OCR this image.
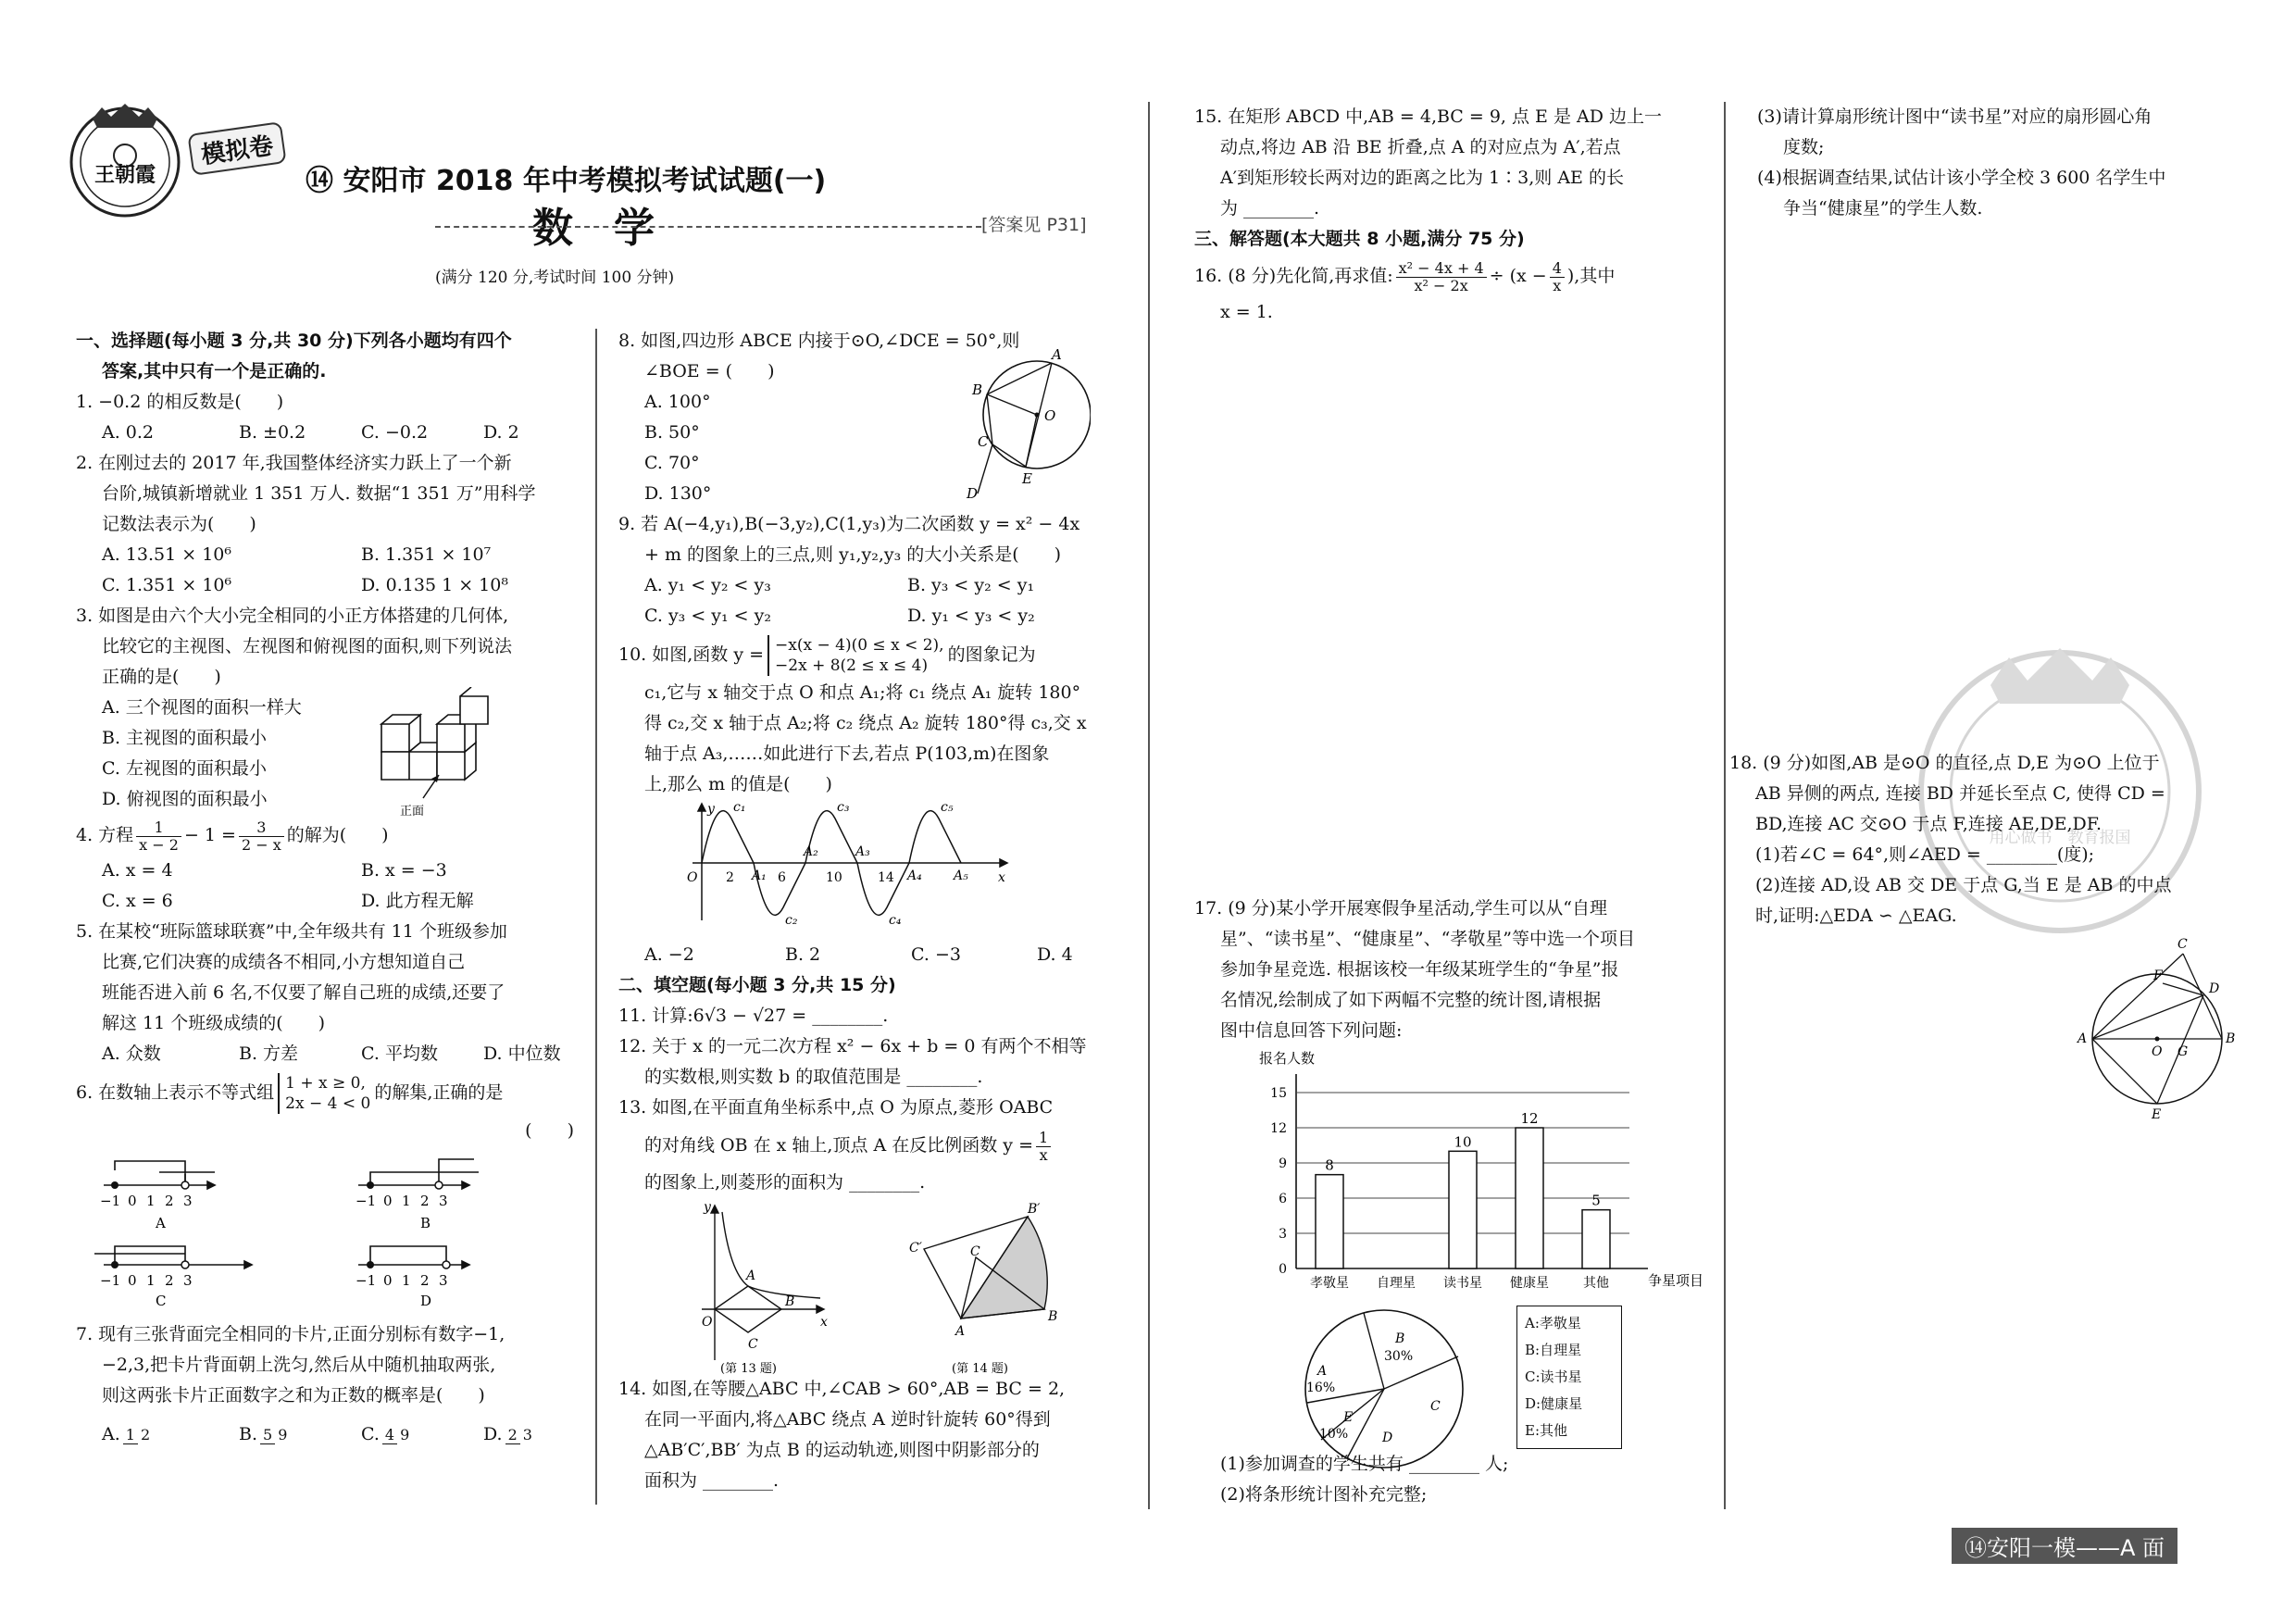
王朝霞
模拟卷
⑭ 安阳市 2018 年中考模拟考试试题(一)
数　学	[答案见 P31]
(满分 120 分,考试时间 100 分钟)
一、选择题(每小题 3 分,共 30 分)下列各小题均有四个
答案,其中只有一个是正确的.
1. −0.2 的相反数是(　　)
A. 0.2	B. ±0.2	C. −0.2	D. 2
2. 在刚过去的 2017 年,我国整体经济实力跃上了一个新
台阶,城镇新增就业 1 351 万人. 数据“1 351 万”用科学
记数法表示为(　　)
A. 13.51 × 10⁶	B. 1.351 × 10⁷
C. 1.351 × 10⁶	D. 0.135 1 × 10⁸
3. 如图是由六个大小完全相同的小正方体搭建的几何体,
比较它的主视图、左视图和俯视图的面积,则下列说法
正确的是(　　)
A. 三个视图的面积一样大
B. 主视图的面积最小
C. 左视图的面积最小
D. 俯视图的面积最小
正面
4. 方程 $\frac{1}{x - 2} - 1 = \frac{3}{2 - x}$ 的解为(　　)
A. x = 4	B. x = −3
C. x = 6	D. 此方程无解
5. 在某校“班际篮球联赛”中,全年级共有 11 个班级参加
比赛,它们决赛的成绩各不相同,小方想知道自己
班能否进入前 6 名,不仅要了解自己班的成绩,还要了
解这 11 个班级成绩的(　　)
A. 众数	B. 方差	C. 平均数	D. 中位数
6. 在数轴上表示不等式组 1 + x ≥ 0,
2x − 4 < 0
的解集,正确的是
(　　)
−1 0 1 2 3
A
−1 0 1 2 3
B
−1 0 1 2 3
C
−1 0 1 2 3
D
7. 现有三张背面完全相同的卡片,正面分别标有数字−1,
−2,3,把卡片背面朝上洗匀,然后从中随机抽取两张,
则这两张卡片正面数字之和为正数的概率是(　　)
A. 1 2	B. 5 9	C. 4 9	D. 2 3
8. 如图,四边形 ABCE 内接于⊙O,∠DCE = 50°,则
∠BOE = (　　)
A. 100°
B. 50°
C. 70°
D. 130°
A
B
C
D
E
O
9. 若 A(−4,y₁),B(−3,y₂),C(1,y₃)为二次函数 y = x² − 4x
+ m 的图象上的三点,则 y₁,y₂,y₃ 的大小关系是(　　)
A. y₁ < y₂ < y₃	B. y₃ < y₂ < y₁
C. y₃ < y₁ < y₂	D. y₁ < y₃ < y₂
10. 如图,函数 y = −x(x − 4)(0 ≤ x < 2),
−2x + 8(2 ≤ x ≤ 4)
的图象记为
c₁,它与 x 轴交于点 O 和点 A₁;将 c₁ 绕点 A₁ 旋转 180°
得 c₂,交 x 轴于点 A₂;将 c₂ 绕点 A₂ 旋转 180°得 c₃,交 x
轴于点 A₃,……如此进行下去,若点 P(103,m)在图象
上,那么 m 的值是(　　)
y
x
O 2	6	10	14
A₁
A₂	A₃
A₄ A₅
c₁
c₂
c₃
c₄
c₅
A. −2	B. 2	C. −3	D. 4
二、填空题(每小题 3 分,共 15 分)
11. 计算:6√3 − √27 = ________.
12. 关于 x 的一元二次方程 x² − 6x + b = 0 有两个不相等
的实数根,则实数 b 的取值范围是 ________.
13. 如图,在平面直角坐标系中,点 O 为原点,菱形 OABC
的对角线 OB 在 x 轴上,顶点 A 在反比例函数 $y = \frac{1}{x}$
的图象上,则菱形的面积为 ________.
y
x
O
A
B
C
(第 13 题)
A
B
C
B′
C′
(第 14 题)
14. 如图,在等腰△ABC 中,∠CAB > 60°,AB = BC = 2,
在同一平面内,将△ABC 绕点 A 逆时针旋转 60°得到
△AB′C′,BB′ 为点 B 的运动轨迹,则图中阴影部分的
面积为 ________.
15. 在矩形 ABCD 中,AB = 4,BC = 9, 点 E 是 AD 边上一
动点,将边 AB 沿 BE 折叠,点 A 的对应点为 A′,若点
A′到矩形较长两对边的距离之比为 1∶3,则 AE 的长
为 ________.
三、解答题(本大题共 8 小题,满分 75 分)
16. (8 分)先化简,再求值: $\frac{\text{x² − 4x + 4}}{\text{x² − 2x}} \div (x - \frac{4}{x}$ ),其中
x = 1.
17. (9 分)某小学开展寒假争星活动,学生可以从“自理
星”、“读书星”、“健康星”、“孝敬星”等中选一个项目
参加争星竞选. 根据该校一年级某班学生的“争星”报
名情况,绘制成了如下两幅不完整的统计图,请根据
图中信息回答下列问题:
报名人数
争星项目
0
3
6
9
12
15
孝敬星
8
自理星 读书星
10
健康星
12
其他
5
B
30%
A
16%
E
10%
C
D
A:孝敬星
B:自理星
C:读书星
D:健康星
E:其他
(1)参加调查的学生共有 ________ 人;
(2)将条形统计图补充完整;
(3)请计算扇形统计图中“读书星”对应的扇形圆心角
度数;
(4)根据调查结果,试估计该小学全校 3 600 名学生中
争当“健康星”的学生人数.
用心做书　教育报国
18. (9 分)如图,AB 是⊙O 的直径,点 D,E 为⊙O 上位于
AB 异侧的两点, 连接 BD 并延长至点 C, 使得 CD =
BD,连接 AC 交⊙O 于点 F,连接 AE,DE,DF.
(1)若∠C = 64°,则∠AED = ________(度);
(2)连接 AD,设 AB 交 DE 于点 G,当 E 是 AB 的中点
时,证明:△EDA ∽ △EAG.
C
F
D
A
O G
B
E
⑭安阳一模——A 面
